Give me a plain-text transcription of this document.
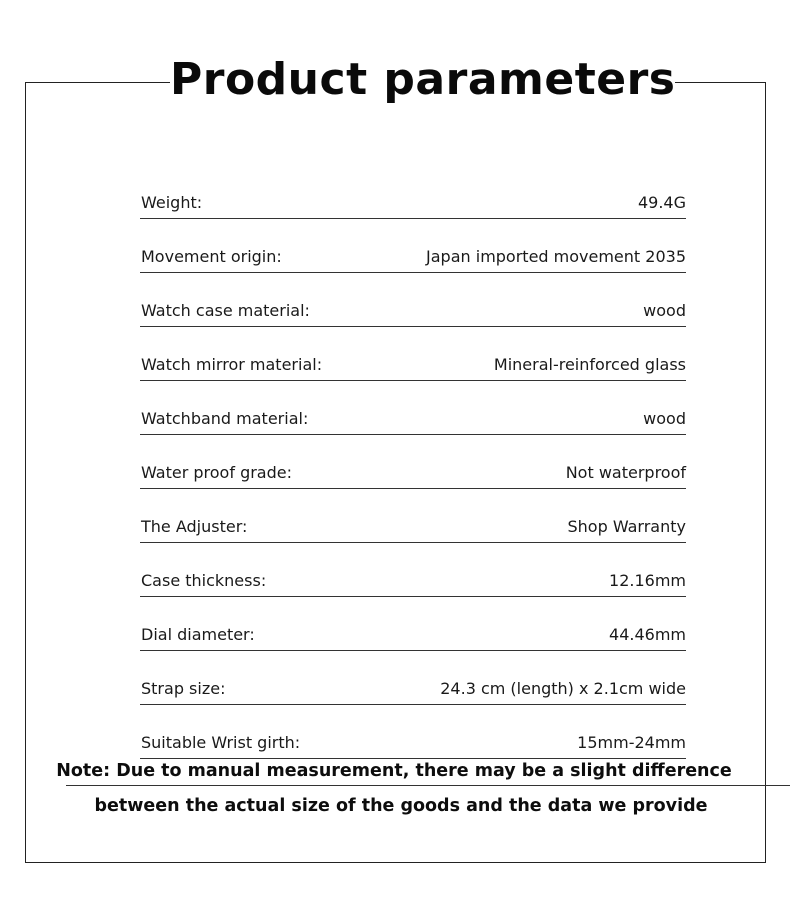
Product parameters
Weight:	49.4G
Movement origin:	Japan imported movement 2035
Watch case material:	wood
Watch mirror material:	Mineral-reinforced glass
Watchband material:	wood
Water proof grade:	Not waterproof
The Adjuster:	Shop Warranty
Case thickness:	12.16mm
Dial diameter:	44.46mm
Strap size:	24.3 cm (length) x 2.1cm wide
Suitable Wrist girth:	15mm-24mm
Note: Due to manual measurement, there may be a slight difference
between the actual size of the goods and the data we provide
